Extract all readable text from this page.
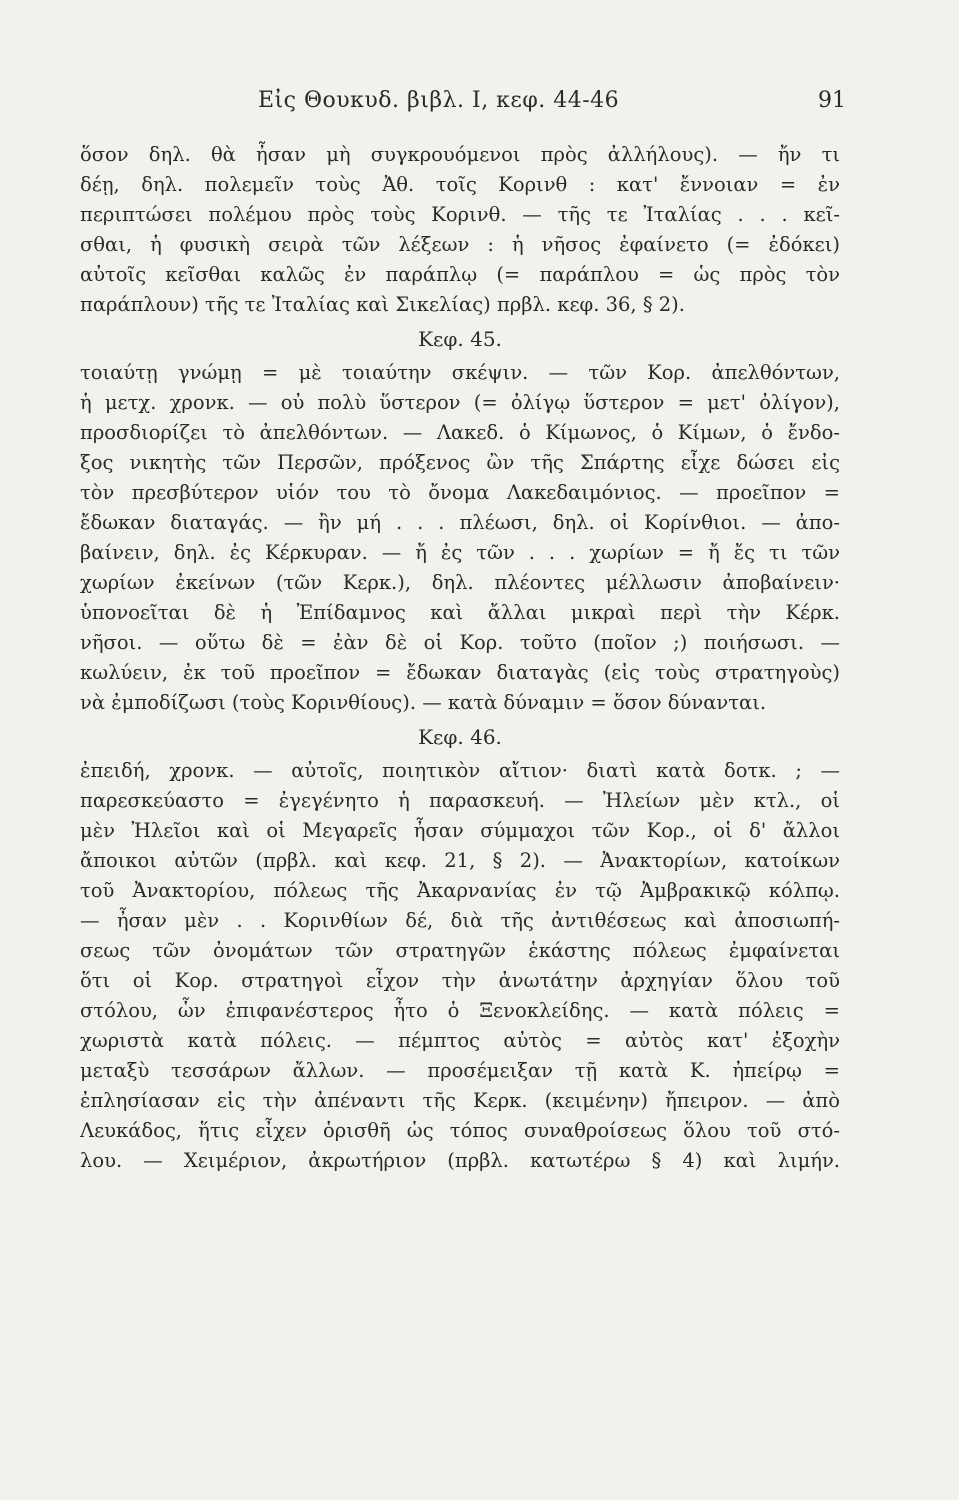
Εἰς Θουκυδ. βιβλ. Ι, κεφ. 44-46	91
ὅσον δηλ. θὰ ἦσαν μὴ συγκρουόμενοι πρὸς ἀλλήλους). — ἤν τι
δέῃ, δηλ. πολεμεῖν τοὺς Ἀθ. τοῖς Κορινθ : κατ' ἔννοιαν = ἐν
περιπτώσει πολέμου πρὸς τοὺς Κορινθ. — τῆς τε Ἰταλίας . . . κεῖ-
σθαι, ἡ φυσικὴ σειρὰ τῶν λέξεων : ἡ νῆσος ἐφαίνετο (= ἐδόκει)
αὐτοῖς κεῖσθαι καλῶς ἐν παράπλῳ (= παράπλου = ὡς πρὸς τὸν
παράπλουν) τῆς τε Ἰταλίας καὶ Σικελίας) πρβλ. κεφ. 36, § 2).
Κεφ. 45.
τοιαύτῃ γνώμῃ = μὲ τοιαύτην σκέψιν. — τῶν Κορ. ἀπελθόντων,
ἡ μετχ. χρονκ. — οὐ πολὺ ὕστερον (= ὀλίγῳ ὕστερον = μετ' ὀλίγον),
προσδιορίζει τὸ ἀπελθόντων. — Λακεδ. ὁ Κίμωνος, ὁ Κίμων, ὁ ἔνδο-
ξος νικητὴς τῶν Περσῶν, πρόξενος ὢν τῆς Σπάρτης εἶχε δώσει εἰς
τὸν πρεσβύτερον υἱόν του τὸ ὄνομα Λακεδαιμόνιος. — προεῖπον =
ἔδωκαν διαταγάς. — ἢν μή . . . πλέωσι, δηλ. οἱ Κορίνθιοι. — ἀπο-
βαίνειν, δηλ. ἐς Κέρκυραν. — ἤ ἐς τῶν . . . χωρίων = ἤ ἔς τι τῶν
χωρίων ἐκείνων (τῶν Κερκ.), δηλ. πλέοντες μέλλωσιν ἀποβαίνειν·
ὑπονοεῖται δὲ ἡ Ἐπίδαμνος καὶ ἄλλαι μικραὶ περὶ τὴν Κέρκ.
νῆσοι. — οὕτω δὲ = ἐὰν δὲ οἱ Κορ. τοῦτο (ποῖον ;) ποιήσωσι. —
κωλύειν, ἐκ τοῦ προεῖπον = ἔδωκαν διαταγὰς (εἰς τοὺς στρατηγοὺς)
νὰ ἐμποδίζωσι (τοὺς Κορινθίους). — κατὰ δύναμιν = ὅσον δύνανται.
Κεφ. 46.
ἐπειδή, χρονκ. — αὐτοῖς, ποιητικὸν αἴτιον· διατὶ κατὰ δοτκ. ; —
παρεσκεύαστο = ἐγεγένητο ἡ παρασκευή. — Ἠλείων μὲν κτλ., οἱ
μὲν Ἠλεῖοι καὶ οἱ Μεγαρεῖς ἦσαν σύμμαχοι τῶν Κορ., οἱ δ' ἄλλοι
ἄποικοι αὐτῶν (πρβλ. καὶ κεφ. 21, § 2). — Ἀνακτορίων, κατοίκων
τοῦ Ἀνακτορίου, πόλεως τῆς Ἀκαρνανίας ἐν τῷ Ἀμβρακικῷ κόλπῳ.
— ἦσαν μὲν . . Κορινθίων δέ, διὰ τῆς ἀντιθέσεως καὶ ἀποσιωπή-
σεως τῶν ὀνομάτων τῶν στρατηγῶν ἑκάστης πόλεως ἐμφαίνεται
ὅτι οἱ Κορ. στρατηγοὶ εἶχον τὴν ἀνωτάτην ἀρχηγίαν ὅλου τοῦ
στόλου, ὧν ἐπιφανέστερος ἦτο ὁ Ξενοκλείδης. — κατὰ πόλεις =
χωριστὰ κατὰ πόλεις. — πέμπτος αὐτὸς = αὐτὸς κατ' ἐξοχὴν
μεταξὺ τεσσάρων ἄλλων. — προσέμειξαν τῇ κατὰ Κ. ἠπείρῳ =
ἐπλησίασαν εἰς τὴν ἀπέναντι τῆς Κερκ. (κειμένην) ἤπειρον. — ἀπὸ
Λευκάδος, ἥτις εἶχεν ὁρισθῆ ὡς τόπος συναθροίσεως ὅλου τοῦ στό-
λου. — Χειμέριον, ἀκρωτήριον (πρβλ. κατωτέρω § 4) καὶ λιμήν.
